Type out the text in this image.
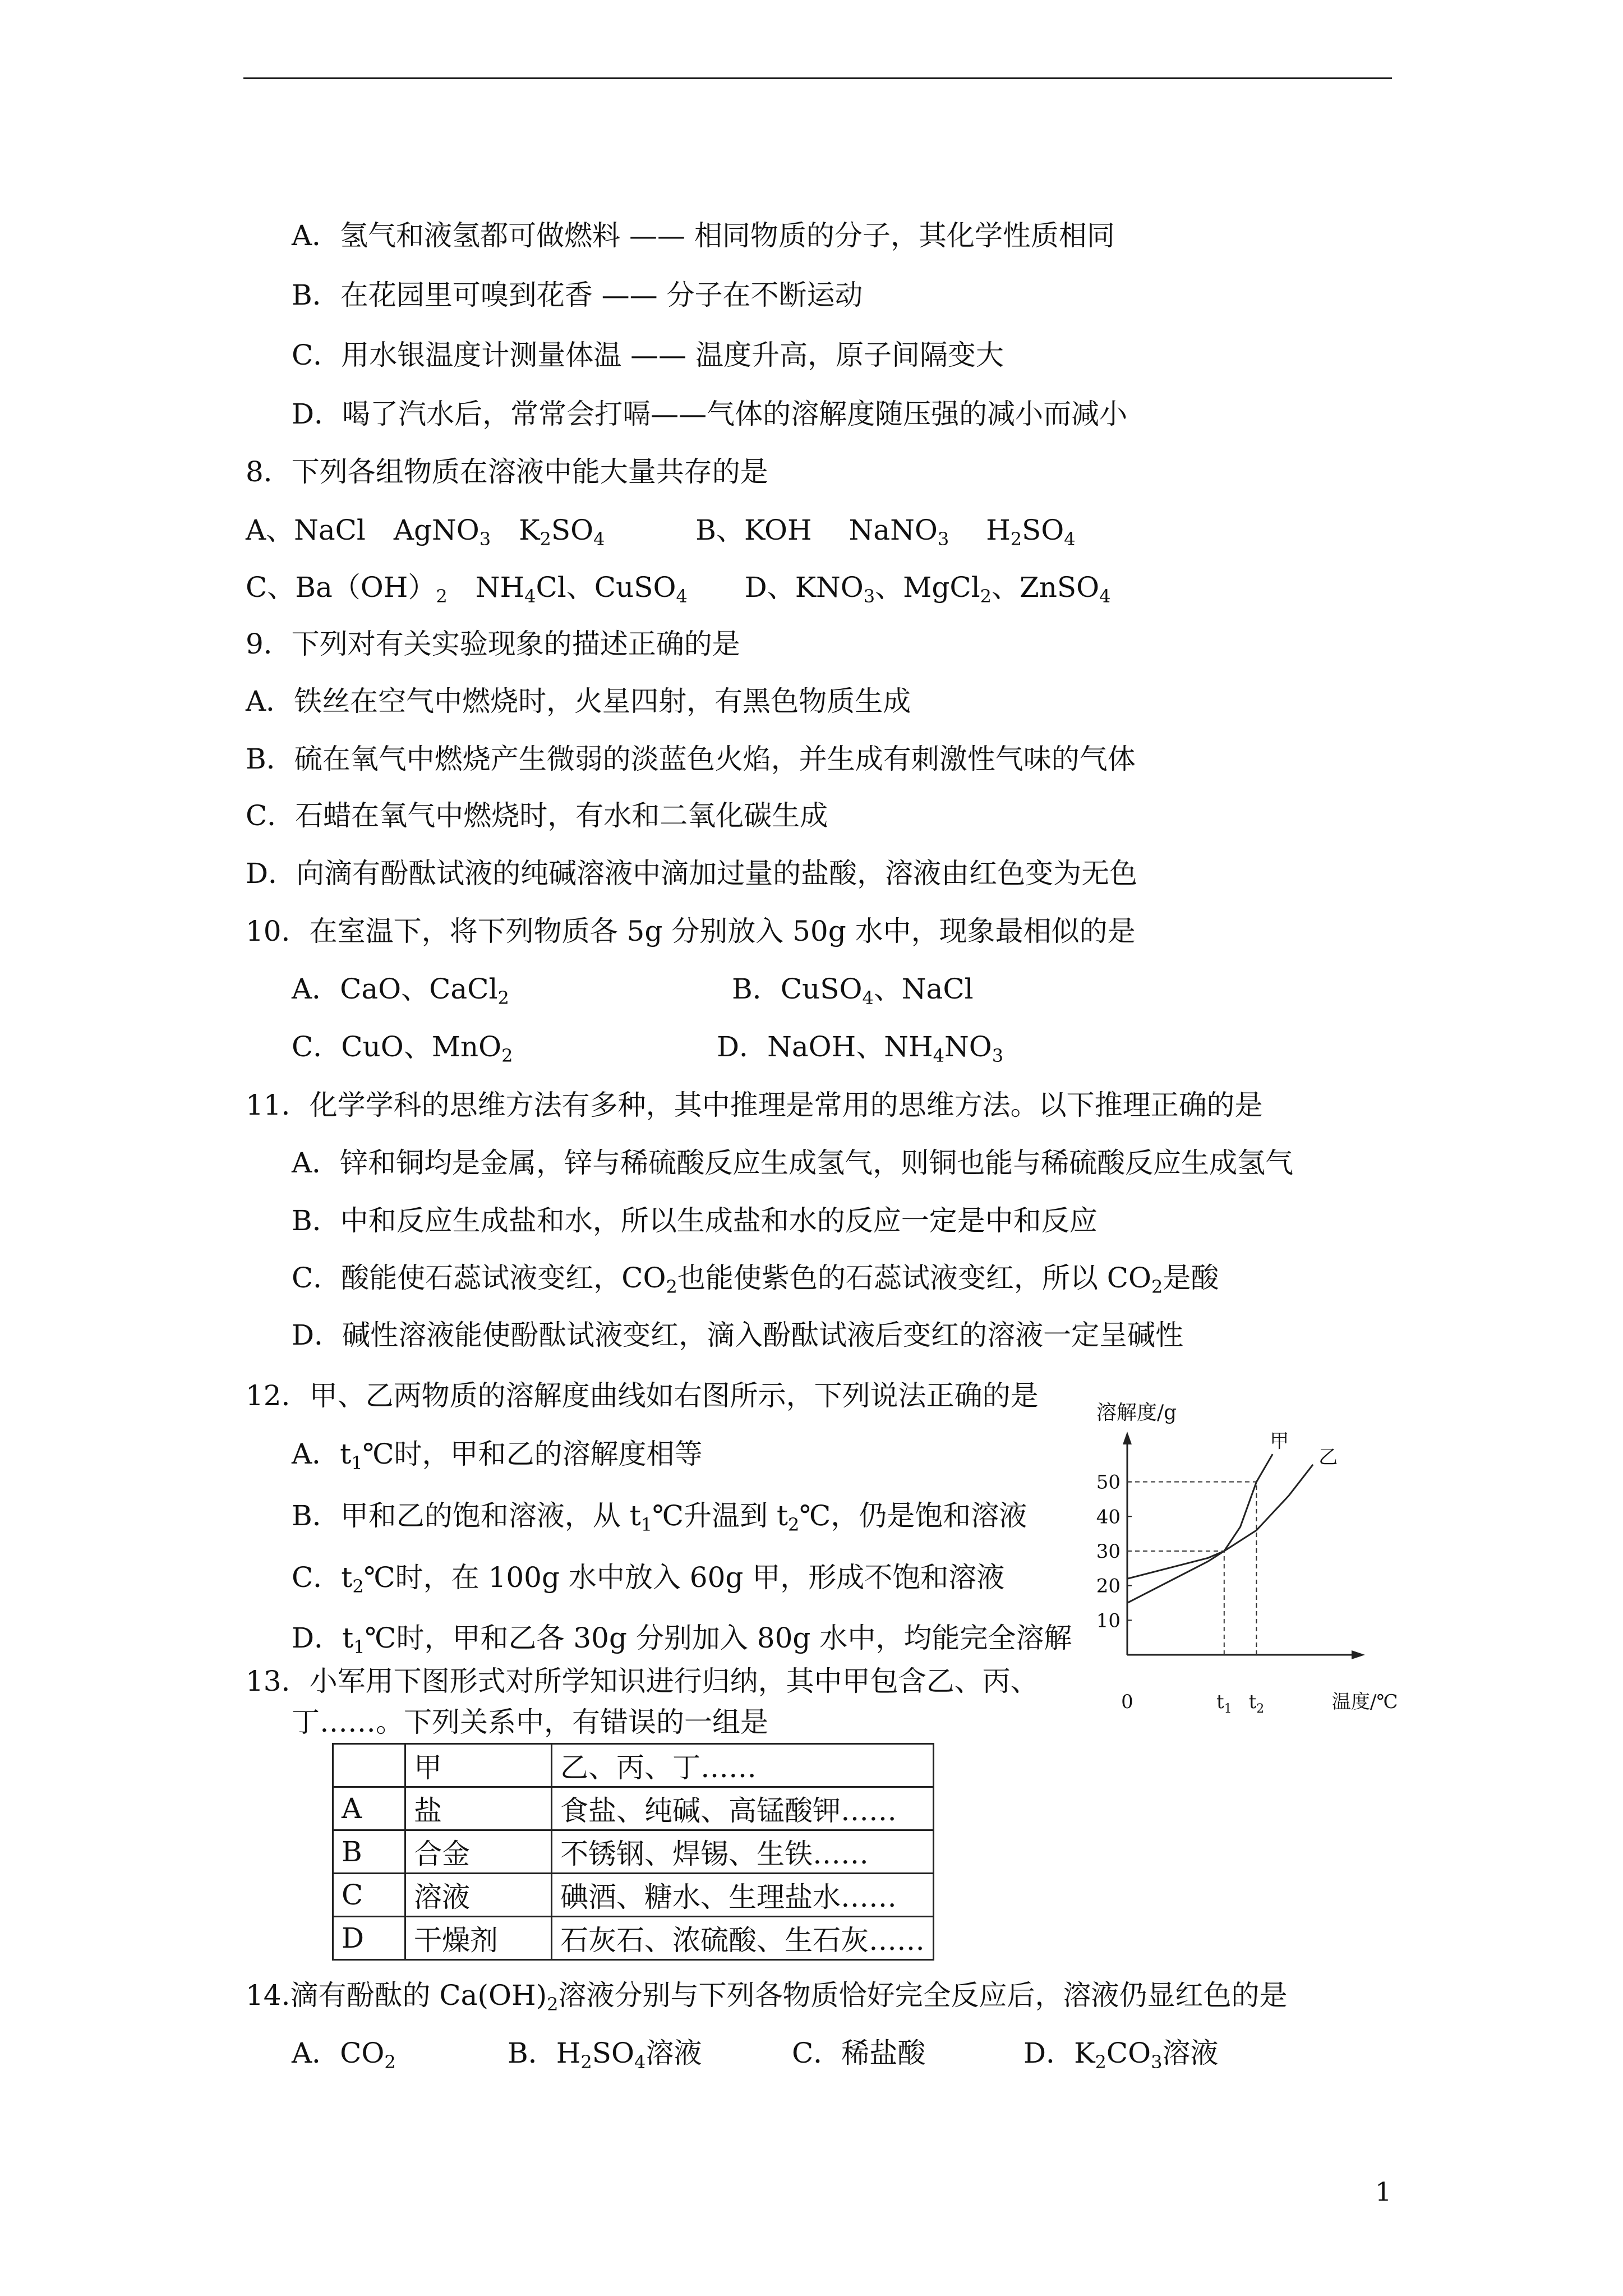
A．氢气和液氢都可做燃料 —— 相同物质的分子，其化学性质相同
B．在花园里可嗅到花香 —— 分子在不断运动
C．用水银温度计测量体温 —— 温度升高，原子间隔变大
D．喝了汽水后，常常会打嗝——气体的溶解度随压强的减小而减小
8．下列各组物质在溶液中能大量共存的是
A、NaCl　AgNO$_3$　$K_2SO_4$	B、KOH　 NaNO$_3$　 $H_2SO_4$
C、$Ba(OH)_2$　$NH_4Cl$、CuSO$_4$ D、$KNO_3$、MgCl$_2$、ZnSO$_4$
9．下列对有关实验现象的描述正确的是
A．铁丝在空气中燃烧时，火星四射，有黑色物质生成
B．硫在氧气中燃烧产生微弱的淡蓝色火焰，并生成有刺激性气味的气体
C．石蜡在氧气中燃烧时，有水和二氧化碳生成
D．向滴有酚酞试液的纯碱溶液中滴加过量的盐酸，溶液由红色变为无色
10．在室温下，将下列物质各 5g 分别放入 50g 水中，现象最相似的是
A．CaO、CaCl$_2$	B．CuSO$_4$、NaCl
C．CuO、MnO$_2$	D．NaOH、$NH_4NO_3$
11．化学学科的思维方法有多种，其中推理是常用的思维方法。以下推理正确的是
A．锌和铜均是金属，锌与稀硫酸反应生成氢气，则铜也能与稀硫酸反应生成氢气
B．中和反应生成盐和水，所以生成盐和水的反应一定是中和反应
C．酸能使石蕊试液变红，$CO_2$也能使紫色的石蕊试液变红，所以 $CO_2$是酸
D．碱性溶液能使酚酞试液变红，滴入酚酞试液后变红的溶液一定呈碱性
12．甲、乙两物质的溶解度曲线如右图所示，下列说法正确的是
A．$t_1℃$时，甲和乙的溶解度相等
B．甲和乙的饱和溶液，从 $t_1℃$升温到 $t_2℃$，仍是饱和溶液
C．$t_2℃$时，在 100g 水中放入 60g 甲，形成不饱和溶液
D．$t_1℃$时，甲和乙各 30g 分别加入 80g 水中，均能完全溶解
溶解度/g
10
20
30
40
50
0	$t_1$ $t_2$	温度/℃
甲
乙
13．小军用下图形式对所学知识进行归纳，其中甲包含乙、丙、
丁……。下列关系中，有错误的一组是
	甲	乙、丙、丁……
A	盐	食盐、纯碱、高锰酸钾……
B	合金	不锈钢、焊锡、生铁……
C	溶液	碘酒、糖水、生理盐水……
D	干燥剂	石灰石、浓硫酸、生石灰……
14.滴有酚酞的 $Ca(OH)_2$溶液分别与下列各物质恰好完全反应后，溶液仍显红色的是
A．$CO_2$	B．$H_2SO_4$溶液	C．稀盐酸	D．$K_2CO_3$溶液
1
